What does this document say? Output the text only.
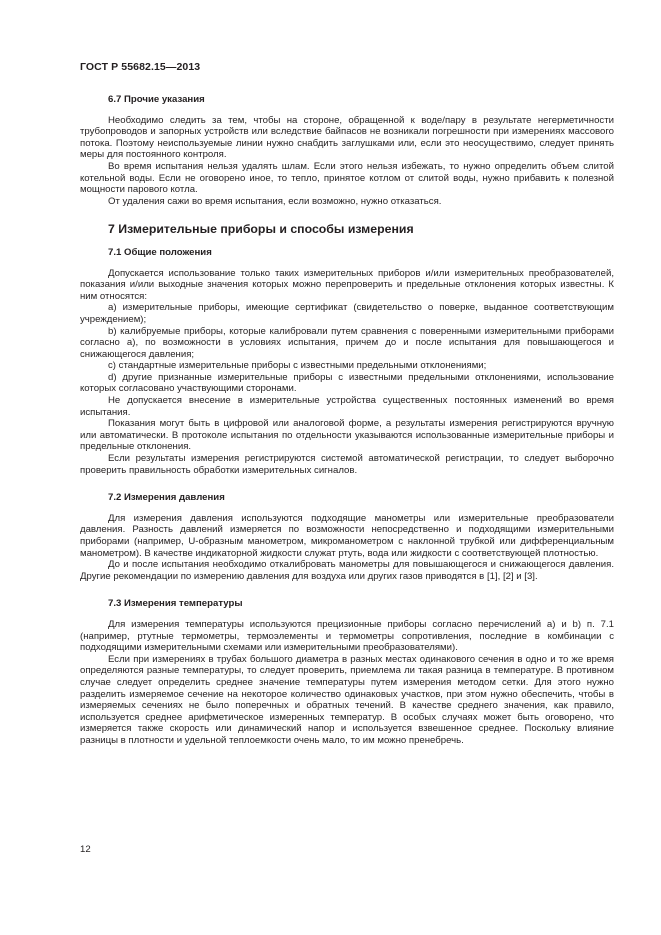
ГОСТ Р 55682.15—2013
6.7 Прочие указания

Необходимо следить за тем, чтобы на стороне, обращенной к воде/пару в результате негерметичности трубопроводов и запорных устройств или вследствие байпасов не возникали погрешности при измерениях массового потока. Поэтому неиспользуемые линии нужно снабдить заглушками или, если это неосуществимо, следует принять меры для постоянного контроля.

Во время испытания нельзя удалять шлам. Если этого нельзя избежать, то нужно определить объем слитой котельной воды. Если не оговорено иное, то тепло, принятое котлом от слитой воды, нужно прибавить к полезной мощности парового котла.

От удаления сажи во время испытания, если возможно, нужно отказаться.

7 Измерительные приборы и способы измерения
7.1 Общие положения

Допускается использование только таких измерительных приборов и/или измерительных преобразователей, показания и/или выходные значения которых можно перепроверить и предельные отклонения которых известны. К ним относятся:

a) измерительные приборы, имеющие сертификат (свидетельство о поверке, выданное соответствующим учреждением);

b) калибруемые приборы, которые калибровали путем сравнения с поверенными измерительными приборами согласно a), по возможности в условиях испытания, причем до и после испытания для повышающегося и снижающегося давления;

c) стандартные измерительные приборы с известными предельными отклонениями;

d) другие признанные измерительные приборы с известными предельными отклонениями, использование которых согласовано участвующими сторонами.

Не допускается внесение в измерительные устройства существенных постоянных изменений во время испытания.

Показания могут быть в цифровой или аналоговой форме, а результаты измерения регистрируются вручную или автоматически. В протоколе испытания по отдельности указываются использованные измерительные приборы и предельные отклонения.

Если результаты измерения регистрируются системой автоматической регистрации, то следует выборочно проверить правильность обработки измерительных сигналов.

7.2 Измерения давления

Для измерения давления используются подходящие манометры или измерительные преобразователи давления. Разность давлений измеряется по возможности непосредственно и подходящими измерительными приборами (например, U-образным манометром, микроманометром с наклонной трубкой или дифференциальным манометром). В качестве индикаторной жидкости служат ртуть, вода или жидкости с соответствующей плотностью.

До и после испытания необходимо откалибровать манометры для повышающегося и снижающегося давления. Другие рекомендации по измерению давления для воздуха или других газов приводятся в [1], [2] и [3].

7.3 Измерения температуры

Для измерения температуры используются прецизионные приборы согласно перечислений a) и b) п. 7.1 (например, ртутные термометры, термоэлементы и термометры сопротивления, последние в комбинации с подходящими измерительными схемами или измерительными преобразователями).

Если при измерениях в трубах большого диаметра в разных местах одинакового сечения в одно и то же время определяются разные температуры, то следует проверить, приемлема ли такая разница в температуре. В противном случае следует определить среднее значение температуры путем измерения методом сетки. Для этого нужно разделить измеряемое сечение на некоторое количество одинаковых участков, при этом нужно обеспечить, чтобы в измеряемых сечениях не было поперечных и обратных течений. В качестве среднего значения, как правило, используется среднее арифметическое измеренных температур. В особых случаях может быть оговорено, что измеряется также скорость или динамический напор и используется взвешенное среднее. Поскольку влияние разницы в плотности и удельной теплоемкости очень мало, то им можно пренебречь.

12
